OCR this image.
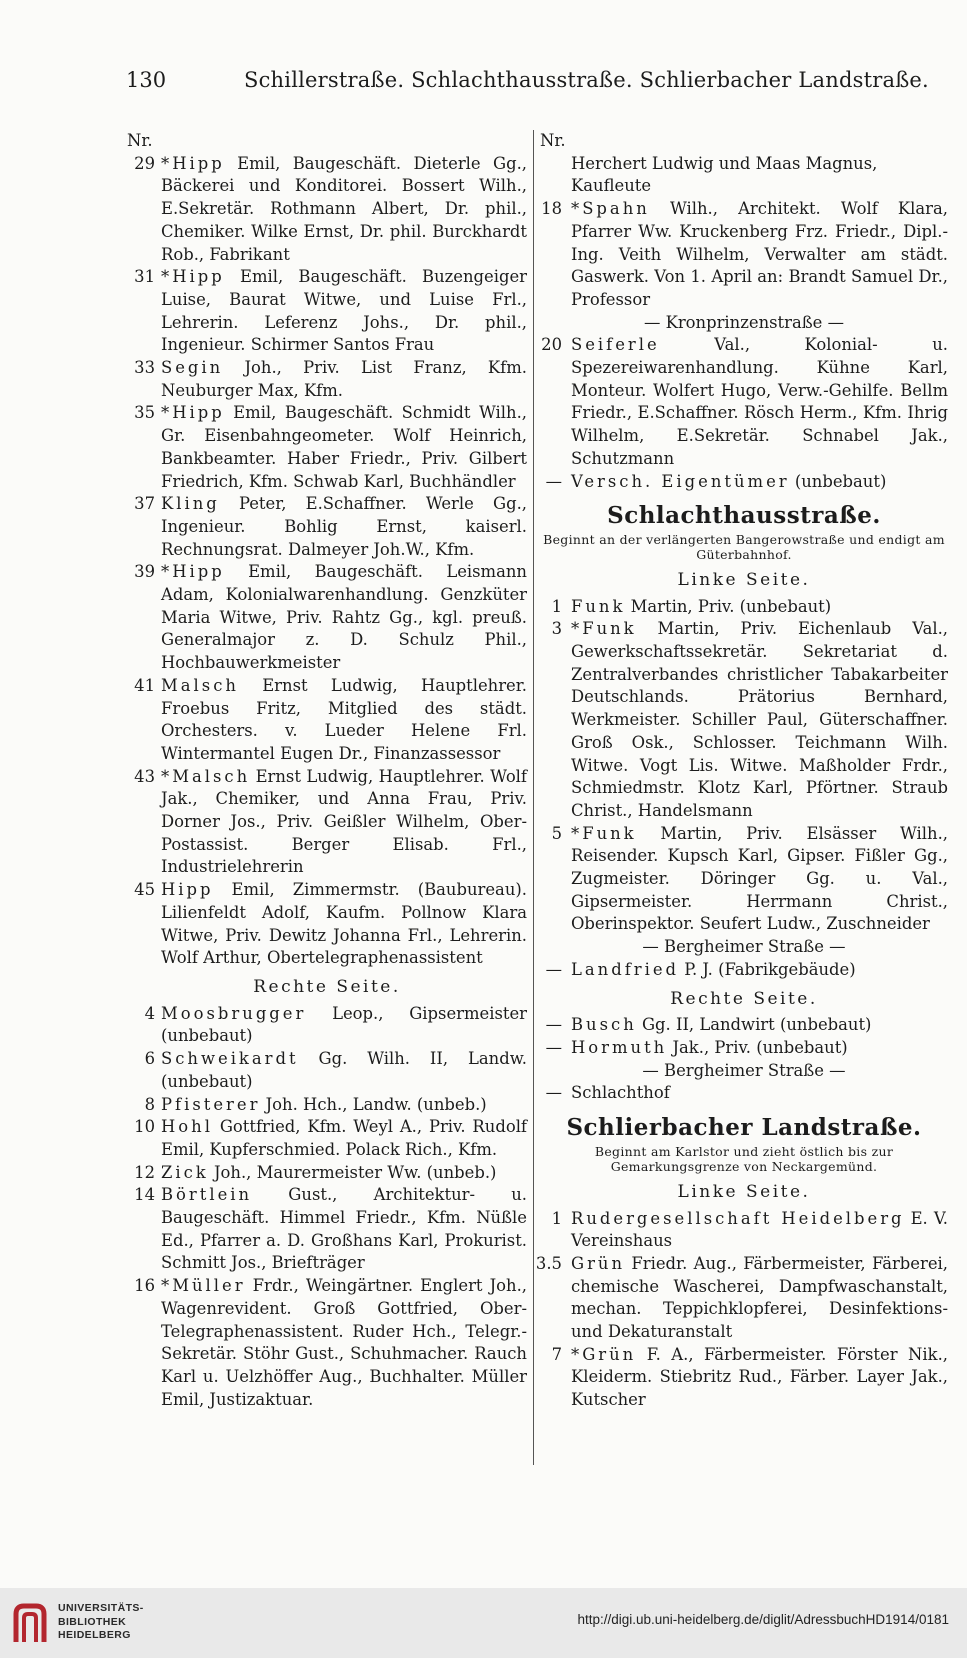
130	Schillerstraße. Schlachthausstraße. Schlierbacher Landstraße.
Nr.
29 *Hipp Emil, Baugeschäft. Dieterle Gg., Bäckerei und Konditorei. Bossert Wilh., E.Sekretär. Rothmann Albert, Dr. phil., Chemiker. Wilke Ernst, Dr. phil. Burckhardt Rob., Fabrikant
31 *Hipp Emil, Baugeschäft. Buzengeiger Luise, Baurat Witwe, und Luise Frl., Lehrerin. Leferenz Johs., Dr. phil., Ingenieur. Schirmer Santos Frau
33 Segin Joh., Priv. List Franz, Kfm. Neuburger Max, Kfm.
35 *Hipp Emil, Baugeschäft. Schmidt Wilh., Gr. Eisenbahngeometer. Wolf Heinrich, Bankbeamter. Haber Friedr., Priv. Gilbert Friedrich, Kfm. Schwab Karl, Buchhändler
37 Kling Peter, E.Schaffner. Werle Gg., Ingenieur. Bohlig Ernst, kaiserl. Rechnungsrat. Dalmeyer Joh.W., Kfm.
39 *Hipp Emil, Baugeschäft. Leismann Adam, Kolonialwarenhandlung. Genzküter Maria Witwe, Priv. Rahtz Gg., kgl. preuß. Generalmajor z. D. Schulz Phil., Hochbauwerkmeister
41 Malsch Ernst Ludwig, Hauptlehrer. Froebus Fritz, Mitglied des städt. Orchesters. v. Lueder Helene Frl. Wintermantel Eugen Dr., Finanzassessor
43 *Malsch Ernst Ludwig, Hauptlehrer. Wolf Jak., Chemiker, und Anna Frau, Priv. Dorner Jos., Priv. Geißler Wilhelm, Ober-Postassist. Berger Elisab. Frl., Industrielehrerin
45 Hipp Emil, Zimmermstr. (Baubureau). Lilienfeldt Adolf, Kaufm. Pollnow Klara Witwe, Priv. Dewitz Johanna Frl., Lehrerin. Wolf Arthur, Obertelegraphenassistent
Rechte Seite.
4 Moosbrugger Leop., Gipsermeister (unbebaut)
6 Schweikardt Gg. Wilh. II, Landw. (unbebaut)
8 Pfisterer Joh. Hch., Landw. (unbeb.)
10 Hohl Gottfried, Kfm. Weyl A., Priv. Rudolf Emil, Kupferschmied. Polack Rich., Kfm.
12 Zick Joh., Maurermeister Ww. (unbeb.)
14 Börtlein Gust., Architektur- u. Baugeschäft. Himmel Friedr., Kfm. Nüßle Ed., Pfarrer a. D. Großhans Karl, Prokurist. Schmitt Jos., Briefträger
16 *Müller Frdr., Weingärtner. Englert Joh., Wagenrevident. Groß Gottfried, Ober-Telegraphenassistent. Ruder Hch., Telegr.-Sekretär. Stöhr Gust., Schuhmacher. Rauch Karl u. Uelzhöffer Aug., Buchhalter. Müller Emil, Justizaktuar.
Nr.
Herchert Ludwig und Maas Magnus, Kaufleute
18 *Spahn Wilh., Architekt. Wolf Klara, Pfarrer Ww. Kruckenberg Frz. Friedr., Dipl.-Ing. Veith Wilhelm, Verwalter am städt. Gaswerk. Von 1. April an: Brandt Samuel Dr., Professor
— Kronprinzenstraße —
20 Seiferle Val., Kolonial- u. Spezereiwarenhandlung. Kühne Karl, Monteur. Wolfert Hugo, Verw.-Gehilfe. Bellm Friedr., E.Schaffner. Rösch Herm., Kfm. Ihrig Wilhelm, E.Sekretär. Schnabel Jak., Schutzmann
— Versch. Eigentümer (unbebaut)
Schlachthausstraße.
Beginnt an der verlängerten Bangerowstraße und endigt am Güterbahnhof.
Linke Seite.
1 Funk Martin, Priv. (unbebaut)
3 *Funk Martin, Priv. Eichenlaub Val., Gewerkschaftssekretär. Sekretariat d. Zentralverbandes christlicher Tabakarbeiter Deutschlands. Prätorius Bernhard, Werkmeister. Schiller Paul, Güterschaffner. Groß Osk., Schlosser. Teichmann Wilh. Witwe. Vogt Lis. Witwe. Maßholder Frdr., Schmiedmstr. Klotz Karl, Pförtner. Straub Christ., Handelsmann
5 *Funk Martin, Priv. Elsässer Wilh., Reisender. Kupsch Karl, Gipser. Fißler Gg., Zugmeister. Döringer Gg. u. Val., Gipsermeister. Herrmann Christ., Oberinspektor. Seufert Ludw., Zuschneider
— Bergheimer Straße —
— Landfried P. J. (Fabrikgebäude)
Rechte Seite.
— Busch Gg. II, Landwirt (unbebaut)
— Hormuth Jak., Priv. (unbebaut)
— Bergheimer Straße —
— Schlachthof
Schlierbacher Landstraße.
Beginnt am Karlstor und zieht östlich bis zur Gemarkungsgrenze von Neckargemünd.
Linke Seite.
1 Rudergesellschaft Heidelberg E. V. Vereinshaus
3.5 Grün Friedr. Aug., Färbermeister, Färberei, chemische Wascherei, Dampfwaschanstalt, mechan. Teppichklopferei, Desinfektions- und Dekaturanstalt
7 *Grün F. A., Färbermeister. Förster Nik., Kleiderm. Stiebritz Rud., Färber. Layer Jak., Kutscher
UNIVERSITÄTS-
BIBLIOTHEK
HEIDELBERG
http://digi.ub.uni-heidelberg.de/diglit/AdressbuchHD1914/0181
